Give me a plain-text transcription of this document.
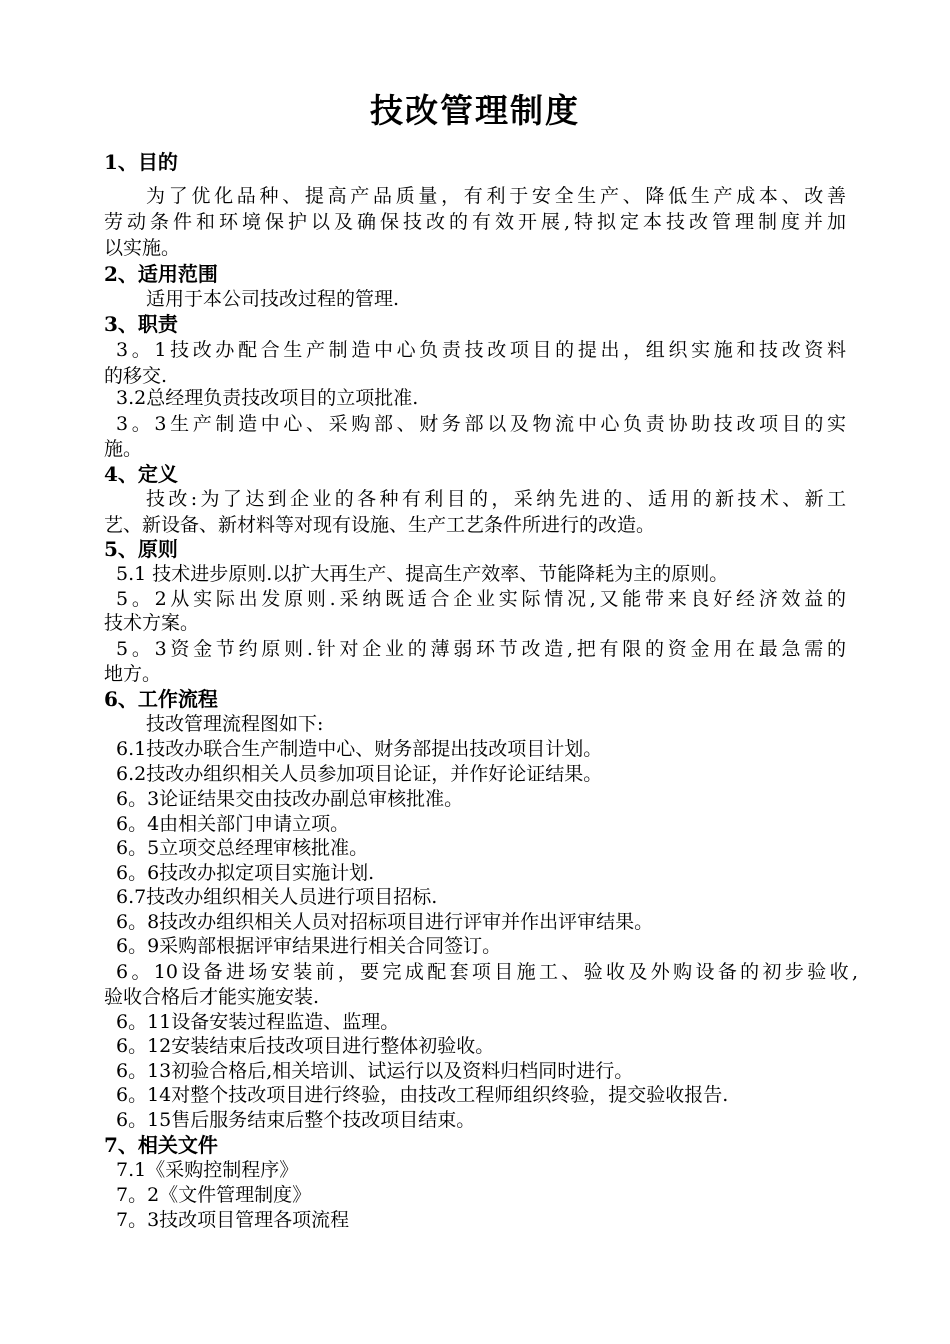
技改管理制度
1、目的
为了优化品种、提高产品质量，有利于安全生产、降低生产成本、改善
劳动条件和环境保护以及确保技改的有效开展,特拟定本技改管理制度并加
以实施。
2、适用范围
适用于本公司技改过程的管理.
3、职责
3。1技改办配合生产制造中心负责技改项目的提出，组织实施和技改资料
的移交.
3.2总经理负责技改项目的立项批准.
3。3生产制造中心、采购部、财务部以及物流中心负责协助技改项目的实
施。
4、定义
技改:为了达到企业的各种有利目的，采纳先进的、适用的新技术、新工
艺、新设备、新材料等对现有设施、生产工艺条件所进行的改造。
5、原则
5.1 技术进步原则.以扩大再生产、提高生产效率、节能降耗为主的原则。
5。2从实际出发原则.采纳既适合企业实际情况,又能带来良好经济效益的
技术方案。
5。3资金节约原则.针对企业的薄弱环节改造,把有限的资金用在最急需的
地方。
6、工作流程
技改管理流程图如下:
6.1技改办联合生产制造中心、财务部提出技改项目计划。
6.2技改办组织相关人员参加项目论证，并作好论证结果。
6。3论证结果交由技改办副总审核批准。
6。4由相关部门申请立项。
6。5立项交总经理审核批准。
6。6技改办拟定项目实施计划.
6.7技改办组织相关人员进行项目招标.
6。8技改办组织相关人员对招标项目进行评审并作出评审结果。
6。9采购部根据评审结果进行相关合同签订。
6。10设备进场安装前，要完成配套项目施工、验收及外购设备的初步验收,
验收合格后才能实施安装.
6。11设备安装过程监造、监理。
6。12安装结束后技改项目进行整体初验收。
6。13初验合格后,相关培训、试运行以及资料归档同时进行。
6。14对整个技改项目进行终验，由技改工程师组织终验，提交验收报告.
6。15售后服务结束后整个技改项目结束。
7、相关文件
7.1《采购控制程序》
7。2《文件管理制度》
7。3技改项目管理各项流程
